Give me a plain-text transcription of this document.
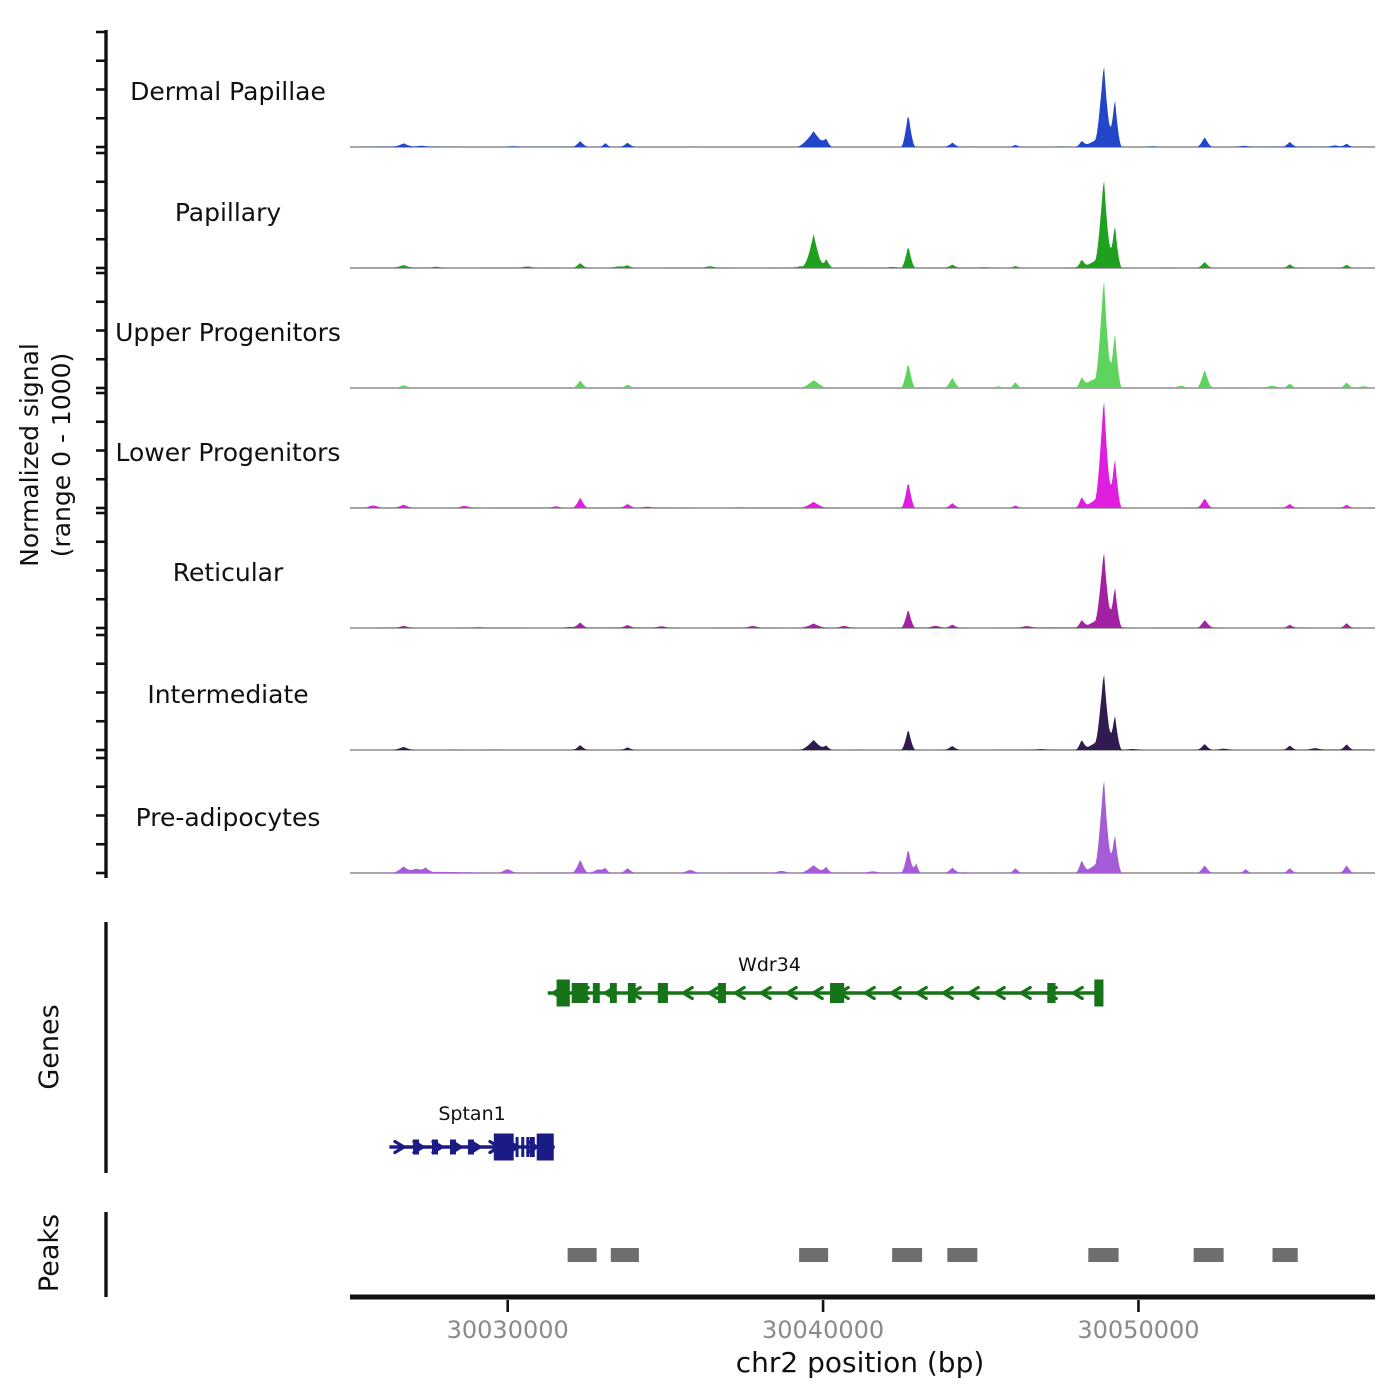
Normalized signal (range 0 - 1000)
Genes
Peaks
chr2 position (bp)
Dermal Papillae
Papillary
Upper Progenitors
Lower Progenitors
Reticular
Intermediate
Pre-adipocytes
Wdr34
Sptan1
30030000	30040000	30050000
